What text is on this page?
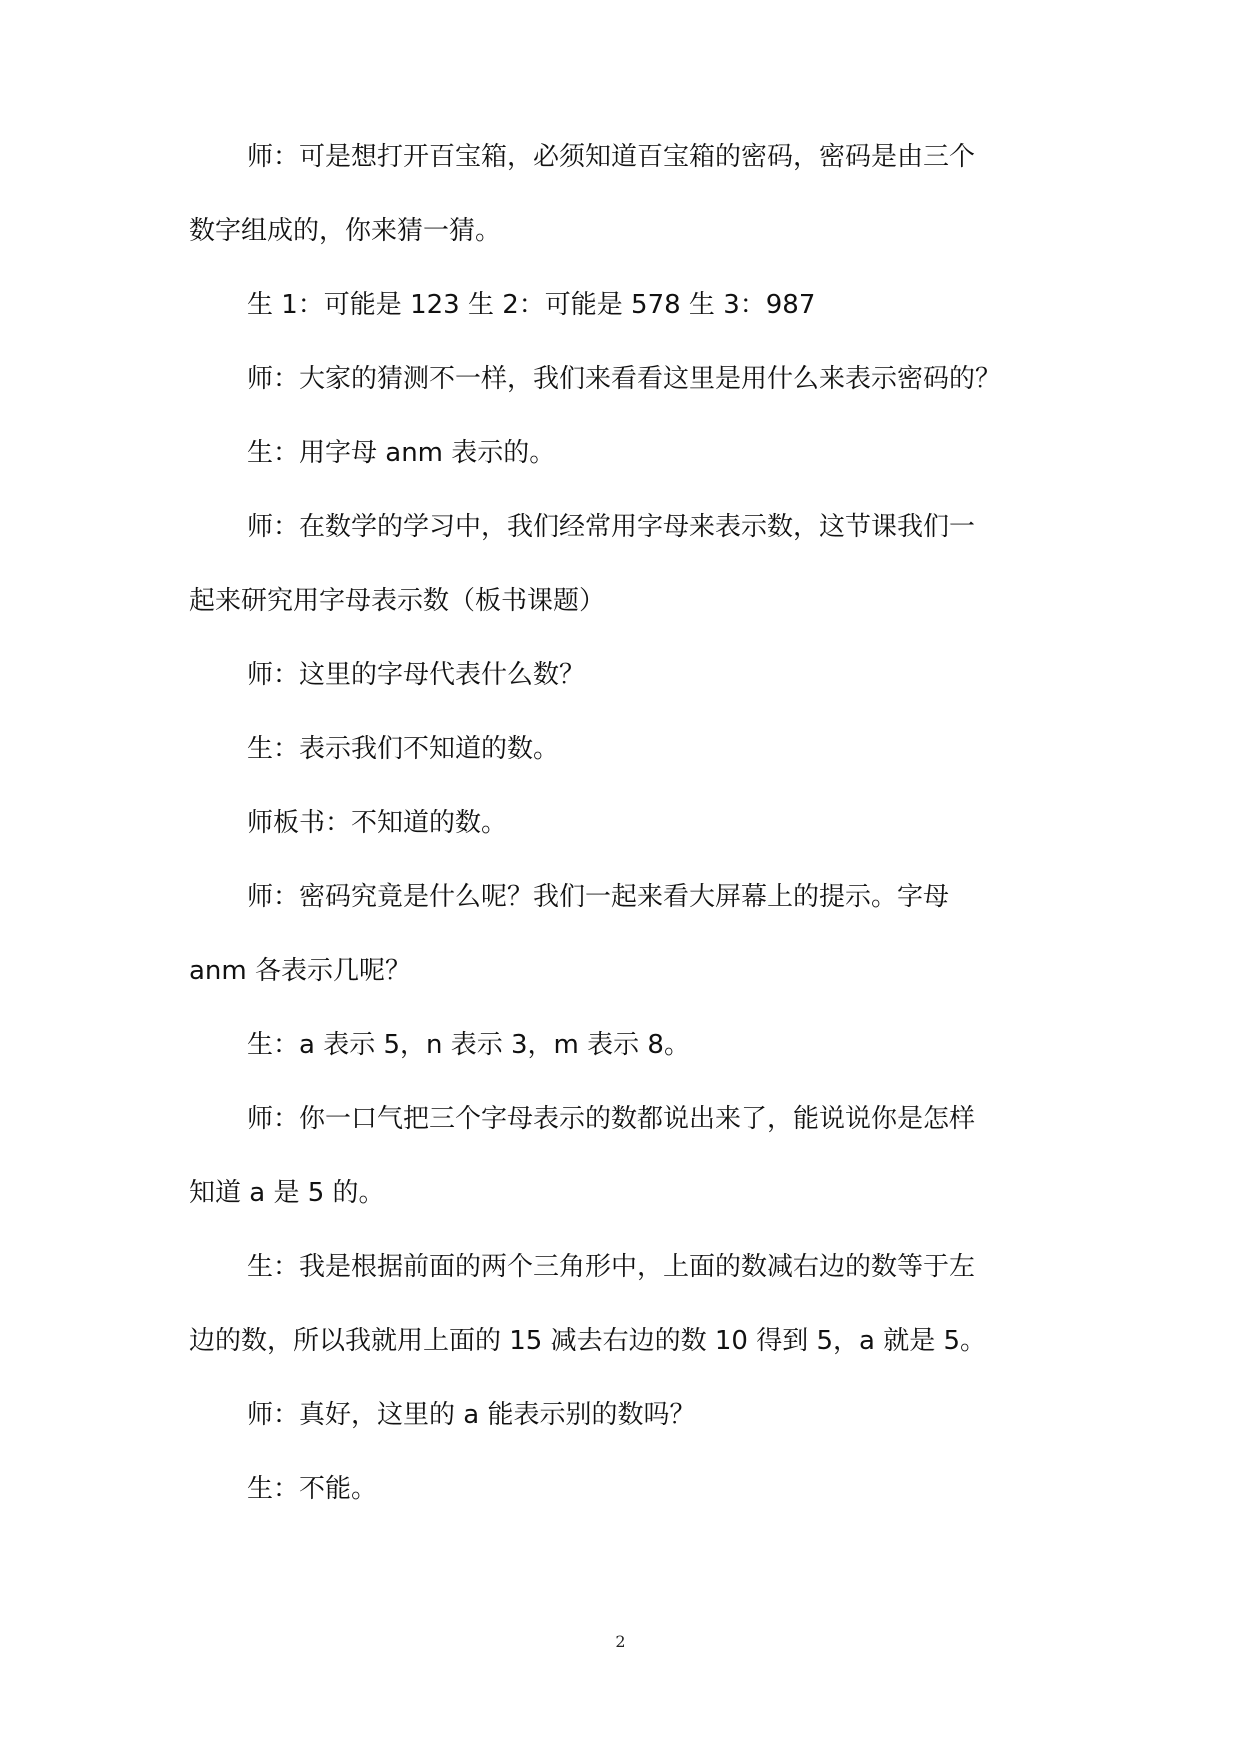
师：可是想打开百宝箱，必须知道百宝箱的密码，密码是由三个

数字组成的，你来猜一猜。

生 1：可能是 123 生 2：可能是 578 生 3：987

师：大家的猜测不一样，我们来看看这里是用什么来表示密码的？

生：用字母 anm 表示的。

师：在数学的学习中，我们经常用字母来表示数，这节课我们一

起来研究用字母表示数（板书课题）

师：这里的字母代表什么数？

生：表示我们不知道的数。

师板书：不知道的数。

师：密码究竟是什么呢？我们一起来看大屏幕上的提示。字母

anm 各表示几呢？

生：a 表示 5，n 表示 3，m 表示 8。

师：你一口气把三个字母表示的数都说出来了，能说说你是怎样

知道 a 是 5 的。

生：我是根据前面的两个三角形中，上面的数减右边的数等于左

边的数，所以我就用上面的 15 减去右边的数 10 得到 5，a 就是 5。

师：真好，这里的 a 能表示别的数吗？

生：不能。

2
